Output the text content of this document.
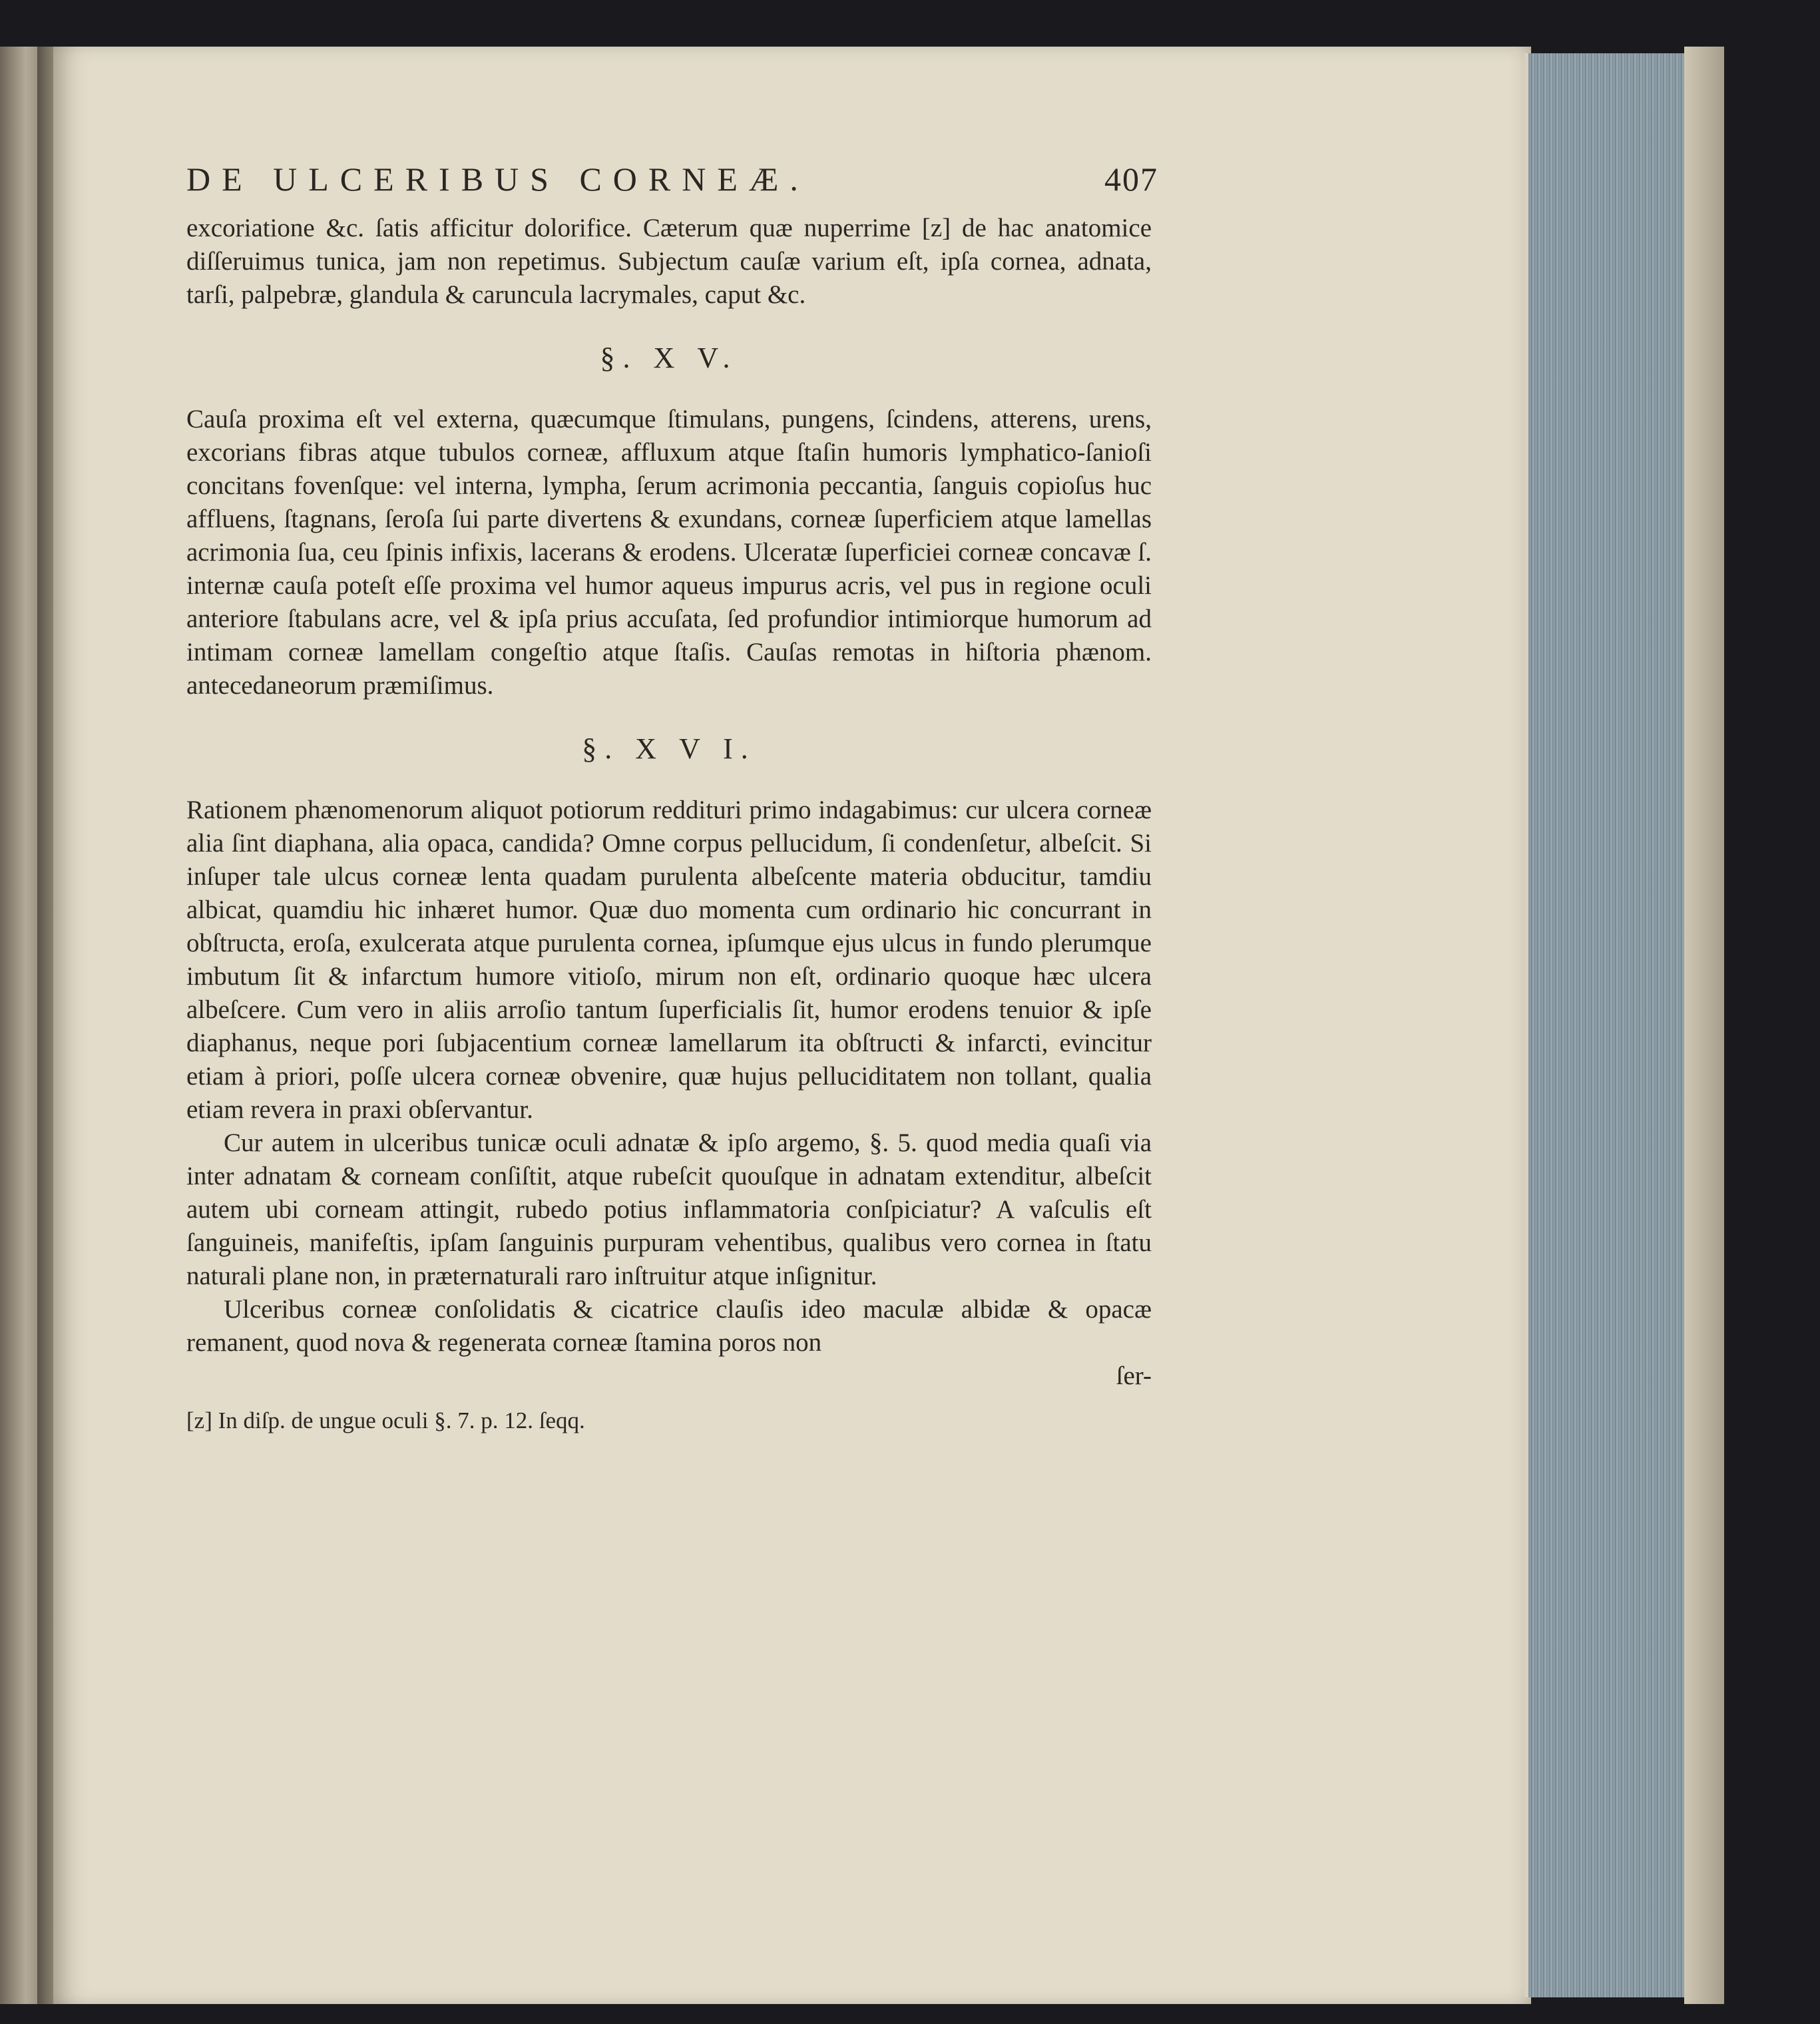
DE ULCERIBUS CORNEÆ.	407

excoriatione &c. ſatis afficitur dolorifice. Cæterum quæ nuperrime [z] de hac anatomice diſſeruimus tunica, jam non repetimus. Subjectum cauſæ varium eſt, ipſa cornea, adnata, tarſi, palpebræ, glandula & caruncula lacrymales, caput &c.

§. X V.

Cauſa proxima eſt vel externa, quæcumque ſtimulans, pungens, ſcindens, atterens, urens, excorians fibras atque tubulos corneæ, affluxum atque ſtaſin humoris lymphatico-ſanioſi concitans fovenſque: vel interna, lympha, ſerum acrimonia peccantia, ſanguis copioſus huc affluens, ſtagnans, ſeroſa ſui parte divertens & exundans, corneæ ſuperficiem atque lamellas acrimonia ſua, ceu ſpinis infixis, lacerans & erodens. Ulceratæ ſuperficiei corneæ concavæ ſ. internæ cauſa poteſt eſſe proxima vel humor aqueus impurus acris, vel pus in regione oculi anteriore ſtabulans acre, vel & ipſa prius accuſata, ſed profundior intimiorque humorum ad intimam corneæ lamellam congeſtio atque ſtaſis. Cauſas remotas in hiſtoria phænom. antecedaneorum præmiſimus.

§. X V I.

Rationem phænomenorum aliquot potiorum reddituri primo indagabimus: cur ulcera corneæ alia ſint diaphana, alia opaca, candida? Omne corpus pellucidum, ſi condenſetur, albeſcit. Si inſuper tale ulcus corneæ lenta quadam purulenta albeſcente materia obducitur, tamdiu albicat, quamdiu hic inhæret humor. Quæ duo momenta cum ordinario hic concurrant in obſtructa, eroſa, exulcerata atque purulenta cornea, ipſumque ejus ulcus in fundo plerumque imbutum ſit & infarctum humore vitioſo, mirum non eſt, ordinario quoque hæc ulcera albeſcere. Cum vero in aliis arroſio tantum ſuperficialis ſit, humor erodens tenuior & ipſe diaphanus, neque pori ſubjacentium corneæ lamellarum ita obſtructi & infarcti, evincitur etiam à priori, poſſe ulcera corneæ obvenire, quæ hujus pelluciditatem non tollant, qualia etiam revera in praxi obſervantur.

Cur autem in ulceribus tunicæ oculi adnatæ & ipſo argemo, §. 5. quod media quaſi via inter adnatam & corneam conſiſtit, atque rubeſcit quouſque in adnatam extenditur, albeſcit autem ubi corneam attingit, rubedo potius inflammatoria conſpiciatur? A vaſculis eſt ſanguineis, manifeſtis, ipſam ſanguinis purpuram vehentibus, qualibus vero cornea in ſtatu naturali plane non, in præternaturali raro inſtruitur atque inſignitur.

Ulceribus corneæ conſolidatis & cicatrice clauſis ideo maculæ albidæ & opacæ remanent, quod nova & regenerata corneæ ſtamina poros non

ſer-
[z] In diſp. de ungue oculi §. 7. p. 12. ſeqq.
